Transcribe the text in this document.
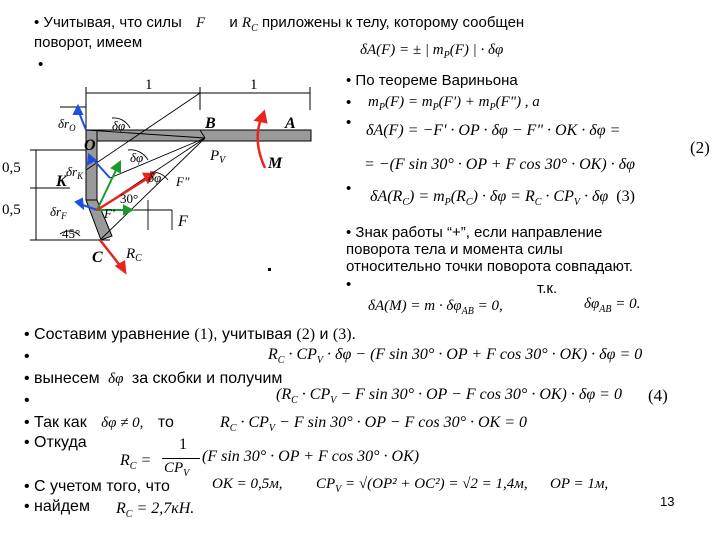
1	1
0,5
0,5
B	A
O
K
C
$P_V$	M
F
F'
F"
$R_C$
$\delta r_O$
$\delta r_K$
$\delta r_F$
δφ
δφ
δφ
30°
45°
• Учитывая, что силы F и $R_C$ приложены к телу, которому сообщен
поворот, имеем	δA(F) = ± | $m_P(F)$ | · δφ
•
• По теореме Вариньона
• $m_P(F) = m_P(F')$ + $m_P(F")$ , а
• δA(F) = −F' · OP · δφ − F" · OK · δφ =
(2)
= −(F sin 30° · OP + F cos 30° · OK) · δφ
• $\delta A(R_C) = m_P(R_C) \cdot \delta\varphi = R_C \cdot CP_V \cdot \delta\varphi$ (3)
• Знак работы “+”, если направление
поворота тела и момента силы
относительно точки поворота совпадают.
•	т.к.
$\delta A(M) = m \cdot \delta\varphi_{AB} = 0$,	$\delta\varphi_{AB} = 0$.
• Составим уравнение (1), учитывая (2) и (3).
•	$R_C \cdot CP_V \cdot \delta\varphi - (F$ sin 30° · OP + F cos 30° · OK) · δφ = 0
• вынесем δφ за скобки и получим
•	($R_C \cdot CP_V - F$ sin 30° · OP − F cos 30° · OK) · δφ = 0 (4)
• Так как δφ ≠ 0, то	$R_C \cdot CP_V - F$ sin 30° · OP − F cos 30° · OK = 0
• Откуда
$R_C$ =
1
$CP_V$
(F sin 30° · OP + F cos 30° · OK)
• С учетом того, что	OK = 0,5м, $CP_V = √(OP^2 + OC^2) = √2 = 1,4м$, OP = 1м,
• найдем $R_C = 2,7кН$.	13
